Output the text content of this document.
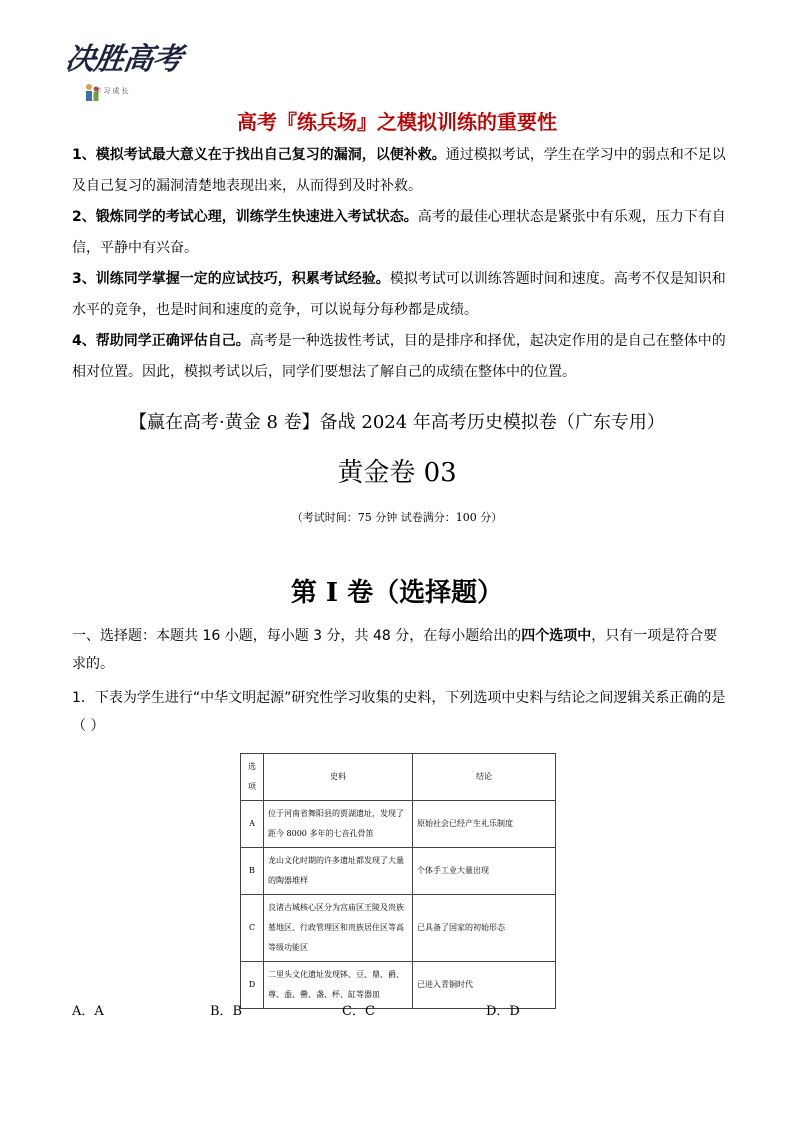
决胜高考
学 习 成 长
高考『练兵场』之模拟训练的重要性
1、模拟考试最大意义在于找出自己复习的漏洞，以便补救。通过模拟考试，学生在学习中的弱点和不足以及自己复习的漏洞清楚地表现出来，从而得到及时补救。
2、锻炼同学的考试心理，训练学生快速进入考试状态。高考的最佳心理状态是紧张中有乐观，压力下有自信，平静中有兴奋。
3、训练同学掌握一定的应试技巧，积累考试经验。模拟考试可以训练答题时间和速度。高考不仅是知识和水平的竞争，也是时间和速度的竞争，可以说每分每秒都是成绩。
4、帮助同学正确评估自己。高考是一种选拔性考试，目的是排序和择优，起决定作用的是自己在整体中的相对位置。因此，模拟考试以后，同学们要想法了解自己的成绩在整体中的位置。
【赢在高考·黄金 8 卷】备战 2024 年高考历史模拟卷（广东专用）
黄金卷 03
（考试时间：75 分钟 试卷满分：100 分）
第 I 卷（选择题）
一、选择题：本题共 16 小题，每小题 3 分，共 48 分，在每小题给出的四个选项中，只有一项是符合要求的。
1．下表为学生进行“中华文明起源”研究性学习收集的史料，下列选项中史料与结论之间逻辑关系正确的是（ ）
选项	史料	结论
A	位于河南省舞阳县的贾湖遗址，发现了距今 8000 多年的七音孔骨笛	原始社会已经产生礼乐制度
B	龙山文化时期的许多遗址都发现了大量的陶器堆样	个体手工业大量出现
C	良渚古城核心区分为宫庙区王陵及贵族墓地区、行政管理区和贵族居住区等高等级功能区	已具备了国家的初始形态
D	二里头文化遗址发现钵、豆、鼎、爵、尊、盉、罍、盏、杯、缸等器皿	已进入青铜时代
A．A	B．B	C．C	D．D
